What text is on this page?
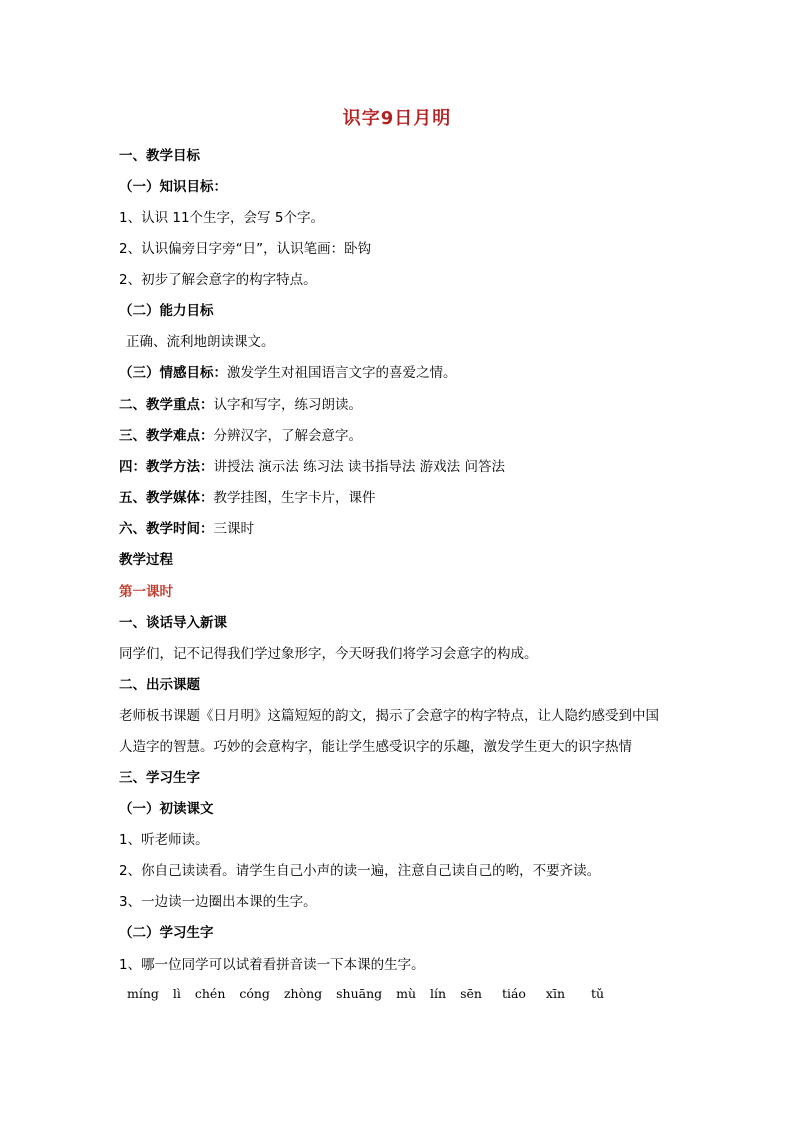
识字9日月明
一、教学目标
（一）知识目标：
1、认识 11个生字，会写 5个字。
2、认识偏旁日字旁“日”，认识笔画：卧钩
2、初步了解会意字的构字特点。
（二）能力目标
正确、流利地朗读课文。
（三）情感目标：激发学生对祖国语言文字的喜爱之情。
二、教学重点：认字和写字，练习朗读。
三、教学难点：分辨汉字，了解会意字。
四：教学方法：讲授法 演示法 练习法 读书指导法 游戏法 问答法
五、教学媒体：教学挂图，生字卡片，课件
六、教学时间：三课时
教学过程
第一课时
一、谈话导入新课
同学们，记不记得我们学过象形字，今天呀我们将学习会意字的构成。
二、出示课题
老师板书课题《日月明》这篇短短的韵文，揭示了会意字的构字特点，让人隐约感受到中国
人造字的智慧。巧妙的会意构字，能让学生感受识字的乐趣，激发学生更大的识字热情
三、学习生字
（一）初读课文
1、听老师读。
2、你自己读读看。请学生自己小声的读一遍，注意自己读自己的哟，不要齐读。
3、一边读一边圈出本课的生字。
（二）学习生字
1、哪一位同学可以试着看拼音读一下本课的生字。
míng lì chén cóng zhòng shuāng mù lín sēn tiáo xīn tǔ
